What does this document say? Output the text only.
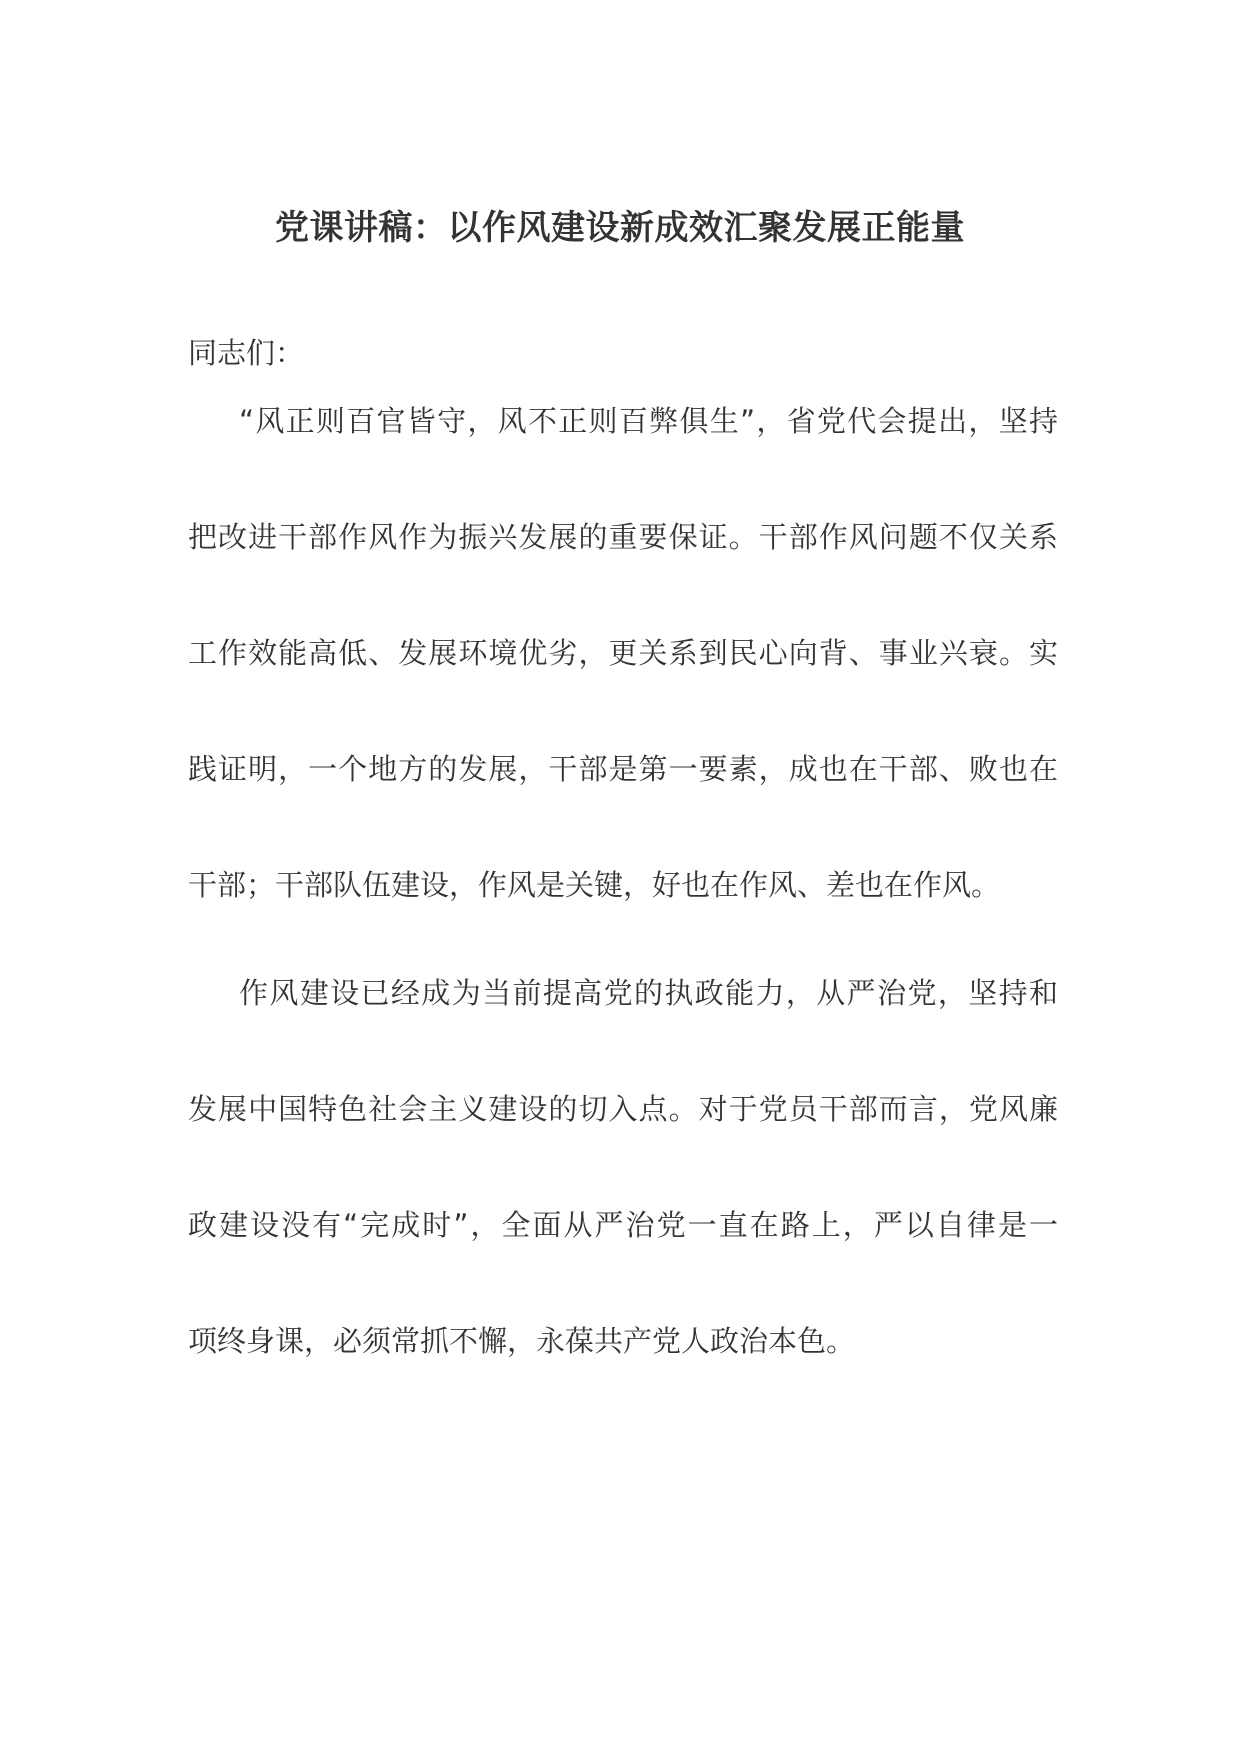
党课讲稿：以作风建设新成效汇聚发展正能量

同志们：

“风正则百官皆守，风不正则百弊俱生”，省党代会提出，坚持

把改进干部作风作为振兴发展的重要保证。干部作风问题不仅关系

工作效能高低、发展环境优劣，更关系到民心向背、事业兴衰。实

践证明，一个地方的发展，干部是第一要素，成也在干部、败也在

干部；干部队伍建设，作风是关键，好也在作风、差也在作风。

作风建设已经成为当前提高党的执政能力，从严治党，坚持和

发展中国特色社会主义建设的切入点。对于党员干部而言，党风廉

政建设没有“完成时”，全面从严治党一直在路上，严以自律是一

项终身课，必须常抓不懈，永葆共产党人政治本色。
